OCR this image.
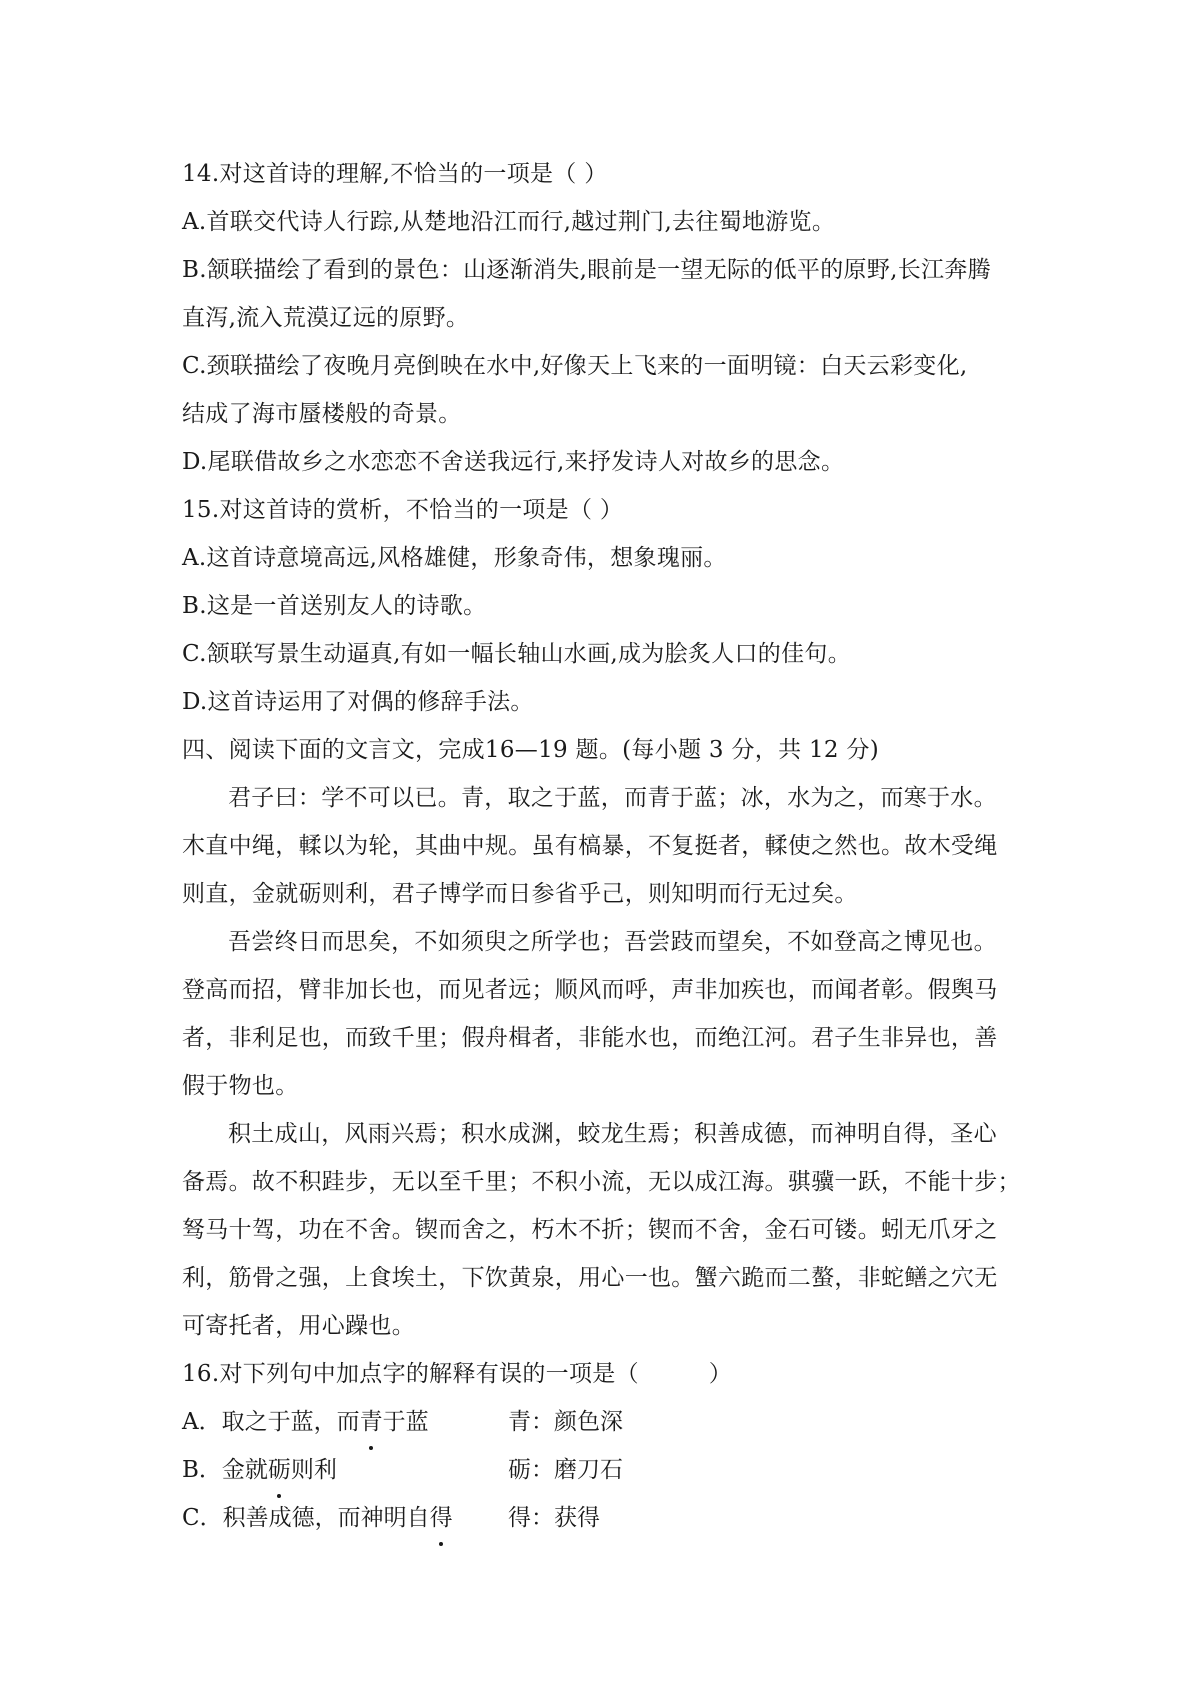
14.对这首诗的理解,不恰当的一项是（ ）
A.首联交代诗人行踪,从楚地沿江而行,越过荆门,去往蜀地游览。
B.颔联描绘了看到的景色：山逐渐消失,眼前是一望无际的低平的原野,长江奔腾
直泻,流入荒漠辽远的原野。
C.颈联描绘了夜晚月亮倒映在水中,好像天上飞来的一面明镜：白天云彩变化,
结成了海市蜃楼般的奇景。
D.尾联借故乡之水恋恋不舍送我远行,来抒发诗人对故乡的思念。
15.对这首诗的赏析，不恰当的一项是（ ）
A.这首诗意境高远,风格雄健，形象奇伟，想象瑰丽。
B.这是一首送别友人的诗歌。
C.颔联写景生动逼真,有如一幅长轴山水画,成为脍炙人口的佳句。
D.这首诗运用了对偶的修辞手法。
四、阅读下面的文言文，完成16—19 题。(每小题 3 分，共 12 分)
君子曰：学不可以已。青，取之于蓝，而青于蓝；冰，水为之，而寒于水。
木直中绳，輮以为轮，其曲中规。虽有槁暴，不复挺者，輮使之然也。故木受绳
则直，金就砺则利，君子博学而日参省乎己，则知明而行无过矣。
吾尝终日而思矣，不如须臾之所学也；吾尝跂而望矣，不如登高之博见也。
登高而招，臂非加长也，而见者远；顺风而呼，声非加疾也，而闻者彰。假舆马
者，非利足也，而致千里；假舟楫者，非能水也，而绝江河。君子生非异也，善
假于物也。
积土成山，风雨兴焉；积水成渊，蛟龙生焉；积善成德，而神明自得，圣心
备焉。故不积跬步，无以至千里；不积小流，无以成江海。骐骥一跃，不能十步；
驽马十驾，功在不舍。锲而舍之，朽木不折；锲而不舍，金石可镂。蚓无爪牙之
利，筋骨之强，上食埃土，下饮黄泉，用心一也。蟹六跪而二螯，非蛇鳝之穴无
可寄托者，用心躁也。
16.对下列句中加点字的解释有误的一项是（　　　）
A．取之于蓝，而青于蓝	青：颜色深
B．金就砺则利	砺：磨刀石
C．积善成德，而神明自得 得：获得
